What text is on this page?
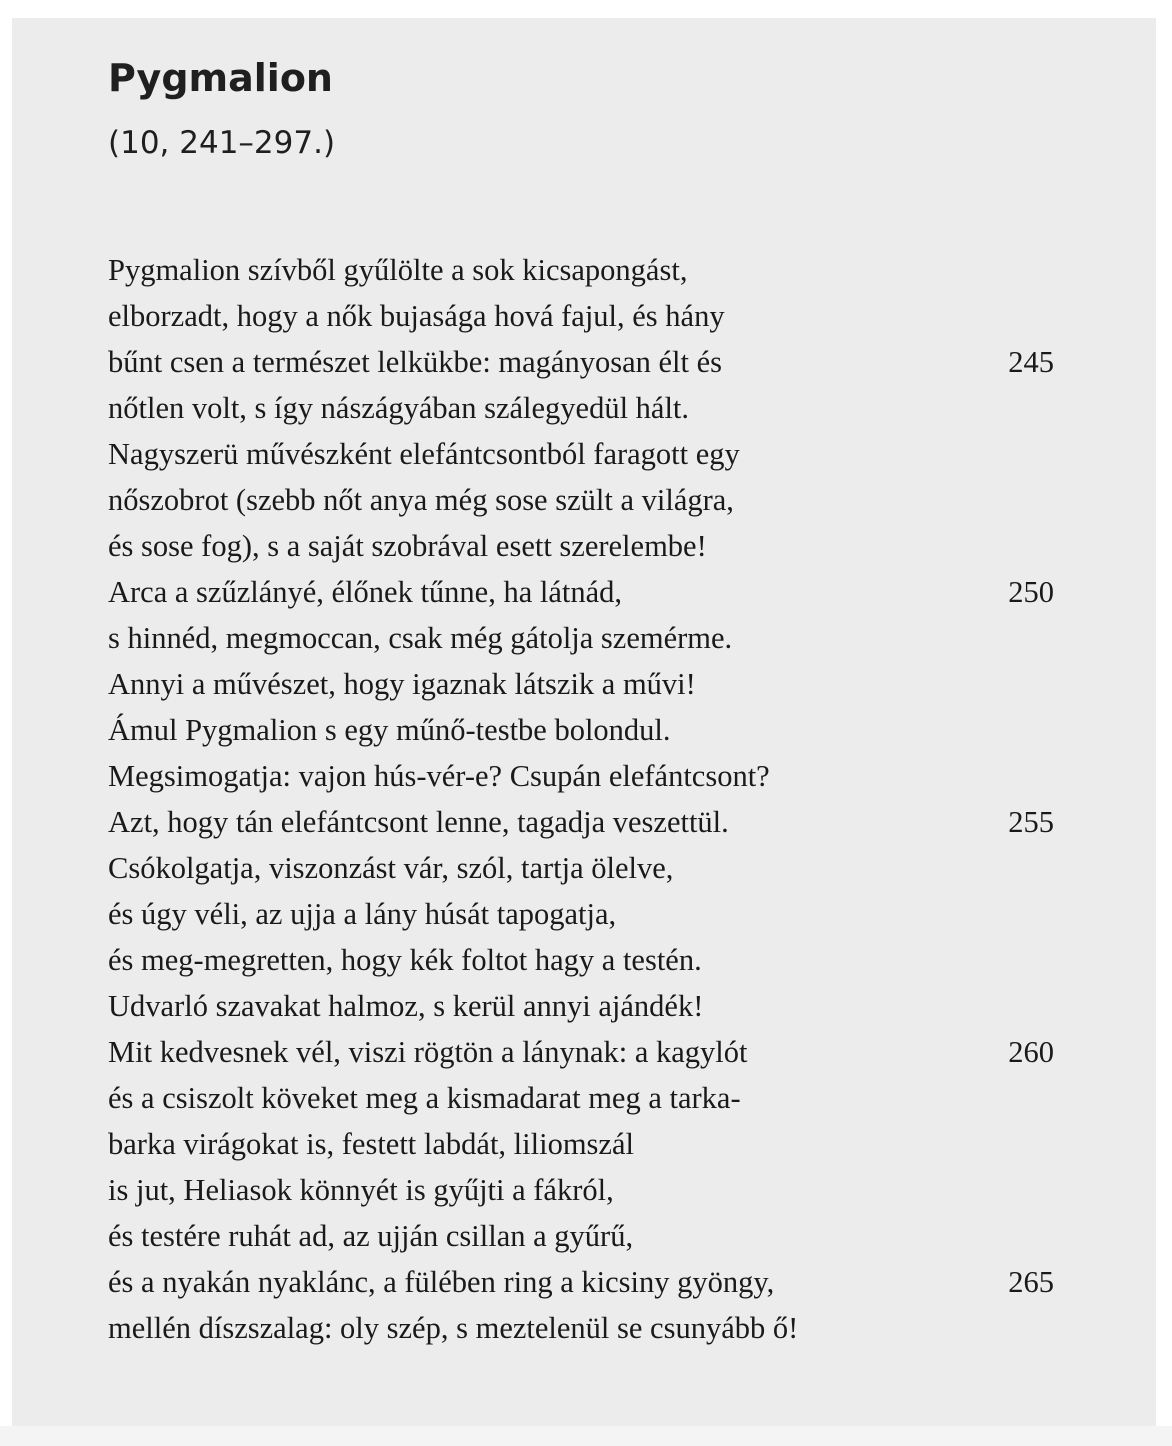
Pygmalion
(10, 241–297.)
Pygmalion szívből gyűlölte a sok kicsapongást,
elborzadt, hogy a nők bujasága hová fajul, és hány
bűnt csen a természet lelkükbe: magányosan élt és	245
nőtlen volt, s így nászágyában szálegyedül hált.
Nagyszerü művészként elefántcsontból faragott egy
nőszobrot (szebb nőt anya még sose szült a világra,
és sose fog), s a saját szobrával esett szerelembe!
Arca a szűzlányé, élőnek tűnne, ha látnád,	250
s hinnéd, megmoccan, csak még gátolja szemérme.
Annyi a művészet, hogy igaznak látszik a művi!
Ámul Pygmalion s egy műnő-testbe bolondul.
Megsimogatja: vajon hús-vér-e? Csupán elefántcsont?
Azt, hogy tán elefántcsont lenne, tagadja veszettül.	255
Csókolgatja, viszonzást vár, szól, tartja ölelve,
és úgy véli, az ujja a lány húsát tapogatja,
és meg-megretten, hogy kék foltot hagy a testén.
Udvarló szavakat halmoz, s kerül annyi ajándék!
Mit kedvesnek vél, viszi rögtön a lánynak: a kagylót	260
és a csiszolt köveket meg a kismadarat meg a tarka-
barka virágokat is, festett labdát, liliomszál
is jut, Heliasok könnyét is gyűjti a fákról,
és testére ruhát ad, az ujján csillan a gyűrű,
és a nyakán nyaklánc, a fülében ring a kicsiny gyöngy,	265
mellén díszszalag: oly szép, s meztelenül se csunyább ő!
